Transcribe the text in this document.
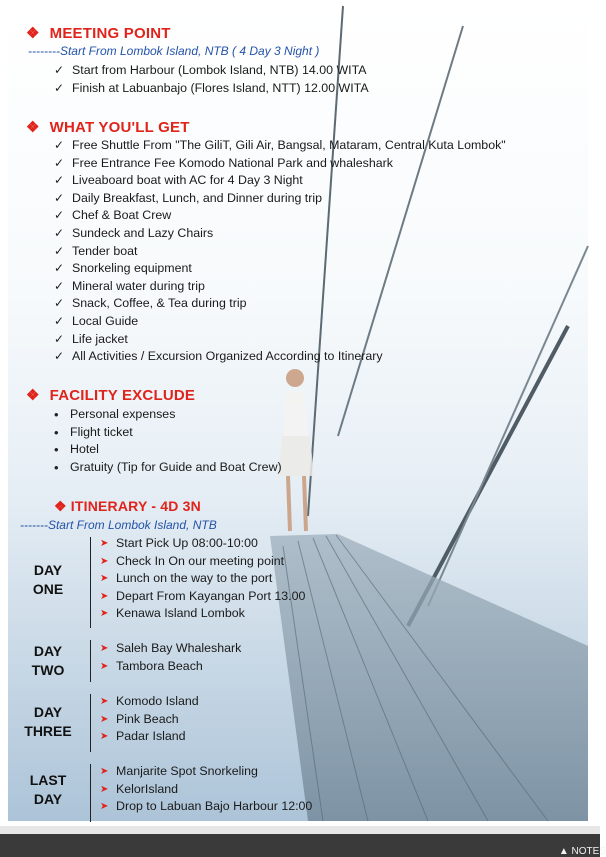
❖ MEETING POINT
--------Start From Lombok Island, NTB ( 4 Day 3 Night )
✓ Start from Harbour (Lombok Island, NTB) 14.00 WITA
✓ Finish at Labuanbajo (Flores Island, NTT) 12.00 WITA
❖ WHAT YOU'LL GET
✓ Free Shuttle From "The GiliT, Gili Air, Bangsal, Mataram, Central Kuta Lombok"
✓ Free Entrance Fee Komodo National Park and whaleshark
✓ Liveaboard boat with AC for 4 Day 3 Night
✓ Daily Breakfast, Lunch, and Dinner during trip
✓ Chef & Boat Crew
✓ Sundeck and Lazy Chairs
✓ Tender boat
✓ Snorkeling equipment
✓ Mineral water during trip
✓ Snack, Coffee, & Tea during trip
✓ Local Guide
✓ Life jacket
✓ All Activities / Excursion Organized According to Itinerary
❖ FACILITY EXCLUDE
• Personal expenses
• Flight ticket
• Hotel
• Gratuity (Tip for Guide and Boat Crew)
❖ ITINERARY - 4D 3N
-------Start From Lombok Island, NTB
DAY
ONE
➤ Start Pick Up 08:00-10:00
➤ Check In On our meeting point
➤ Lunch on the way to the port
➤ Depart From Kayangan Port 13.00
➤ Kenawa Island Lombok
DAY
TWO
➤ Saleh Bay Whaleshark
➤ Tambora Beach
DAY
THREE
➤ Komodo Island
➤ Pink Beach
➤ Padar Island
LAST
DAY
➤ Manjarite Spot Snorkeling
➤ KelorIsland
➤ Drop to Labuan Bajo Harbour 12:00
▲ NOTES
